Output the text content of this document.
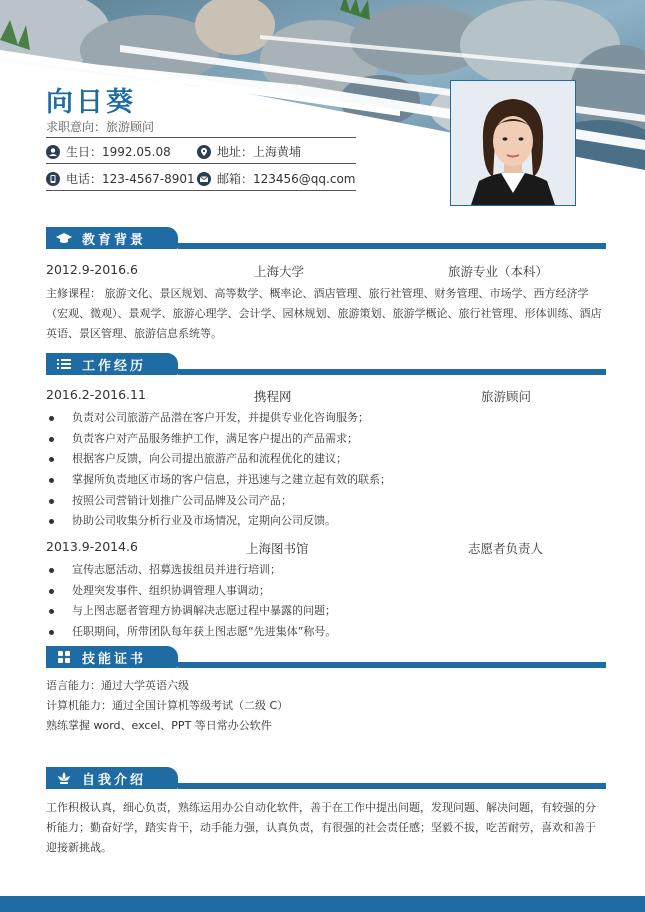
向日葵
求职意向：旅游顾问
生日：1992.05.08	地址：上海黄埔
电话：123-4567-8901 邮箱：123456@qq.com
教育背景
2012.9-2016.6	上海大学	旅游专业（本科）
主修课程： 旅游文化、景区规划、高等数学、概率论、酒店管理、旅行社管理、财务管理、市场学、西方经济学（宏观、微观）、景观学、旅游心理学、会计学、园林规划、旅游策划、旅游学概论、旅行社管理、形体训练、酒店英语、景区管理、旅游信息系统等。
工作经历
2016.2-2016.11	携程网	旅游顾问
负责对公司旅游产品潜在客户开发，并提供专业化咨询服务；
负责客户对产品服务维护工作，满足客户提出的产品需求；
根据客户反馈，向公司提出旅游产品和流程优化的建议；
掌握所负责地区市场的客户信息，并迅速与之建立起有效的联系；
按照公司营销计划推广公司品牌及公司产品；
协助公司收集分析行业及市场情况，定期向公司反馈。
2013.9-2014.6	上海图书馆	志愿者负责人
宣传志愿活动、招募选拔组员并进行培训；
处理突发事件、组织协调管理人事调动；
与上图志愿者管理方协调解决志愿过程中暴露的问题；
任职期间，所带团队每年获上图志愿“先进集体”称号。
技能证书
语言能力：通过大学英语六级
计算机能力：通过全国计算机等级考试（二级 C）
熟练掌握 word、excel、PPT 等日常办公软件
自我介绍
工作积极认真，细心负责，熟练运用办公自动化软件，善于在工作中提出问题，发现问题、解决问题，有较强的分析能力；勤奋好学，踏实肯干，动手能力强，认真负责，有很强的社会责任感；坚毅不拔，吃苦耐劳，喜欢和善于迎接新挑战。
